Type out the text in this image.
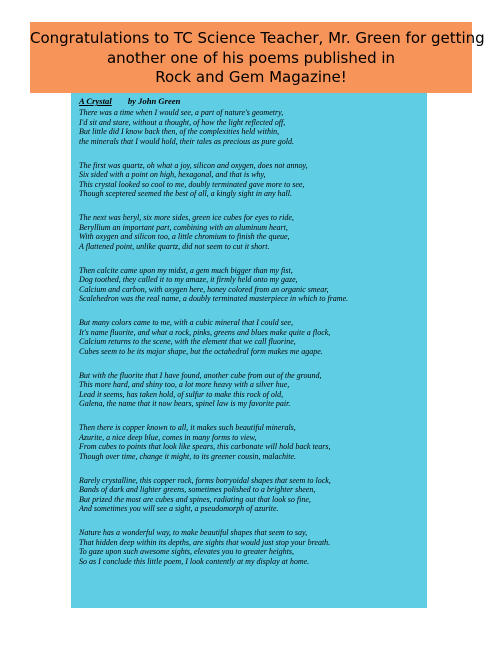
Congratulations to TC Science Teacher, Mr. Green for getting
another one of his poems published in
Rock and Gem Magazine!
A Crystal by John Green
There was a time when I would see, a part of nature's geometry,
I'd sit and stare, without a thought, of how the light reflected off,
But little did I know back then, of the complexities held within,
the minerals that I would hold, their tales as precious as pure gold.
The first was quartz, oh what a joy, silicon and oxygen, does not annoy,
Six sided with a point on high, hexagonal, and that is why,
This crystal looked so cool to me, doubly terminated gave more to see,
Though sceptered seemed the best of all, a kingly sight in any hall.
The next was beryl, six more sides, green ice cubes for eyes to ride,
Beryllium an important part, combining with an aluminum heart,
With oxygen and silicon too, a little chromium to finish the queue,
A flattened point, unlike quartz, did not seem to cut it short.
Then calcite came upon my midst, a gem much bigger than my fist,
Dog toothed, they called it to my amaze, it firmly held onto my gaze,
Calcium and carbon, with oxygen here, honey colored from an organic smear,
Scalehedron was the real name, a doubly terminated masterpiece in which to frame.
But many colors came to me, with a cubic mineral that I could see,
It's name fluorite, and what a rock, pinks, greens and blues make quite a flock,
Calcium returns to the scene, with the element that we call fluorine,
Cubes seem to be its major shape, but the octahedral form makes me agape.
But with the fluorite that I have found, another cube from out of the ground,
This more hard, and shiny too, a lot more heavy with a silver hue,
Lead it seems, has taken hold, of sulfur to make this rock of old,
Galena, the name that it now bears, spinel law is my favorite pair.
Then there is copper known to all, it makes such beautiful minerals,
Azurite, a nice deep blue, comes in many forms to view,
From cubes to points that look like spears, this carbonate will hold back tears,
Though over time, change it might, to its greener cousin, malachite.
Rarely crystalline, this copper rock, forms botryoidal shapes that seem to lock,
Bands of dark and lighter greens, sometimes polished to a brighter sheen,
But prized the most are cubes and spines, radiating out that look so fine,
And sometimes you will see a sight, a pseudomorph of azurite.
Nature has a wonderful way, to make beautiful shapes that seem to say,
That hidden deep within its depths, are sights that would just stop your breath.
To gaze upon such awesome sights, elevates you to greater heights,
So as I conclude this little poem, I look contently at my display at home.
